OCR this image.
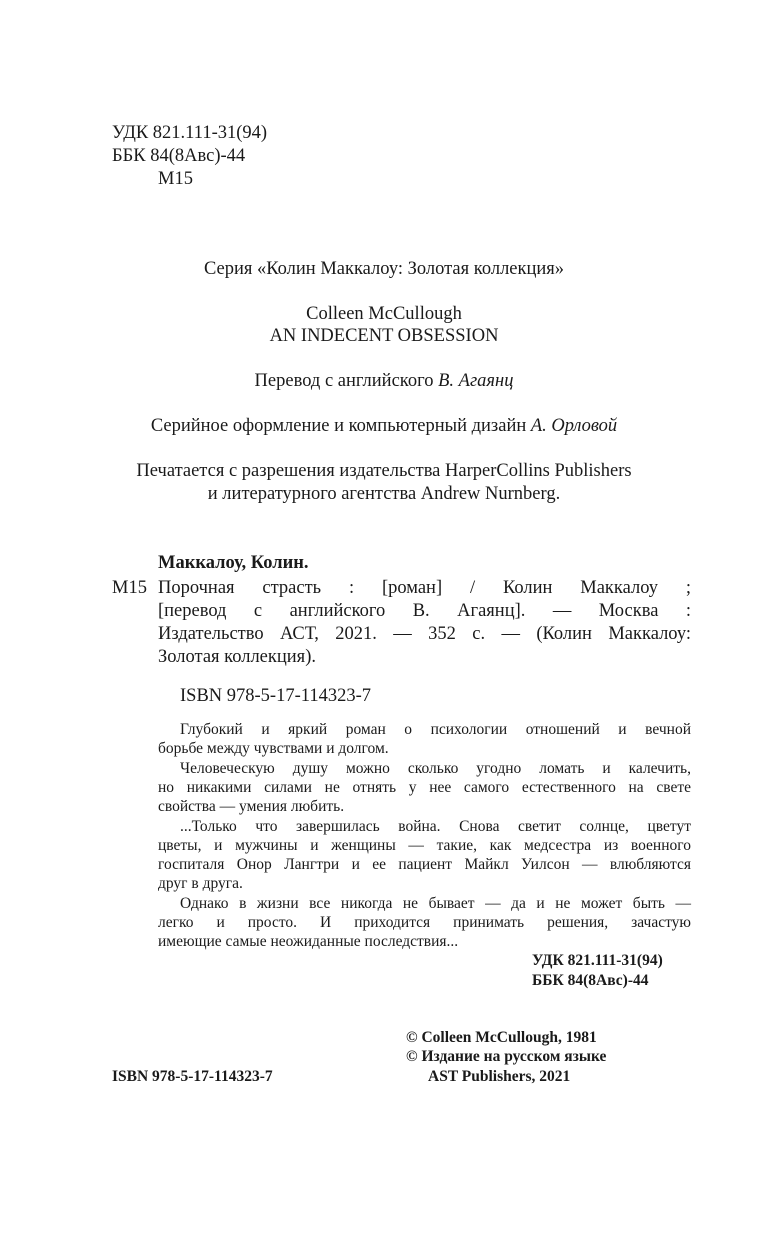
УДК 821.111-31(94)
ББК 84(8Авс)-44
М15
Серия «Колин Маккалоу: Золотая коллекция»
Colleen McCullough
AN INDECENT OBSESSION
Перевод с английского В. Агаянц
Серийное оформление и компьютерный дизайн А. Орловой
Печатается с разрешения издательства HarperCollins Publishers
и литературного агентства Andrew Nurnberg.
Маккалоу, Колин.
М15 Порочная страсть : [роман] / Колин Маккалоу ;
[перевод с английского В. Агаянц]. — Москва :
Издательство АСТ, 2021. — 352 с. — (Колин Маккалоу:
Золотая коллекция).
ISBN 978-5-17-114323-7
Глубокий и яркий роман о психологии отношений и вечной
борьбе между чувствами и долгом.
Человеческую душу можно сколько угодно ломать и калечить,
но никакими силами не отнять у нее самого естественного на свете
свойства — умения любить.
...Только что завершилась война. Снова светит солнце, цветут
цветы, и мужчины и женщины — такие, как медсестра из военного
госпиталя Онор Лангтри и ее пациент Майкл Уилсон — влюбляются
друг в друга.
Однако в жизни все никогда не бывает — да и не может быть —
легко и просто. И приходится принимать решения, зачастую
имеющие самые неожиданные последствия...
УДК 821.111-31(94)
ББК 84(8Авс)-44
ISBN 978-5-17-114323-7
© Colleen McCullough, 1981
© Издание на русском языке
AST Publishers, 2021
